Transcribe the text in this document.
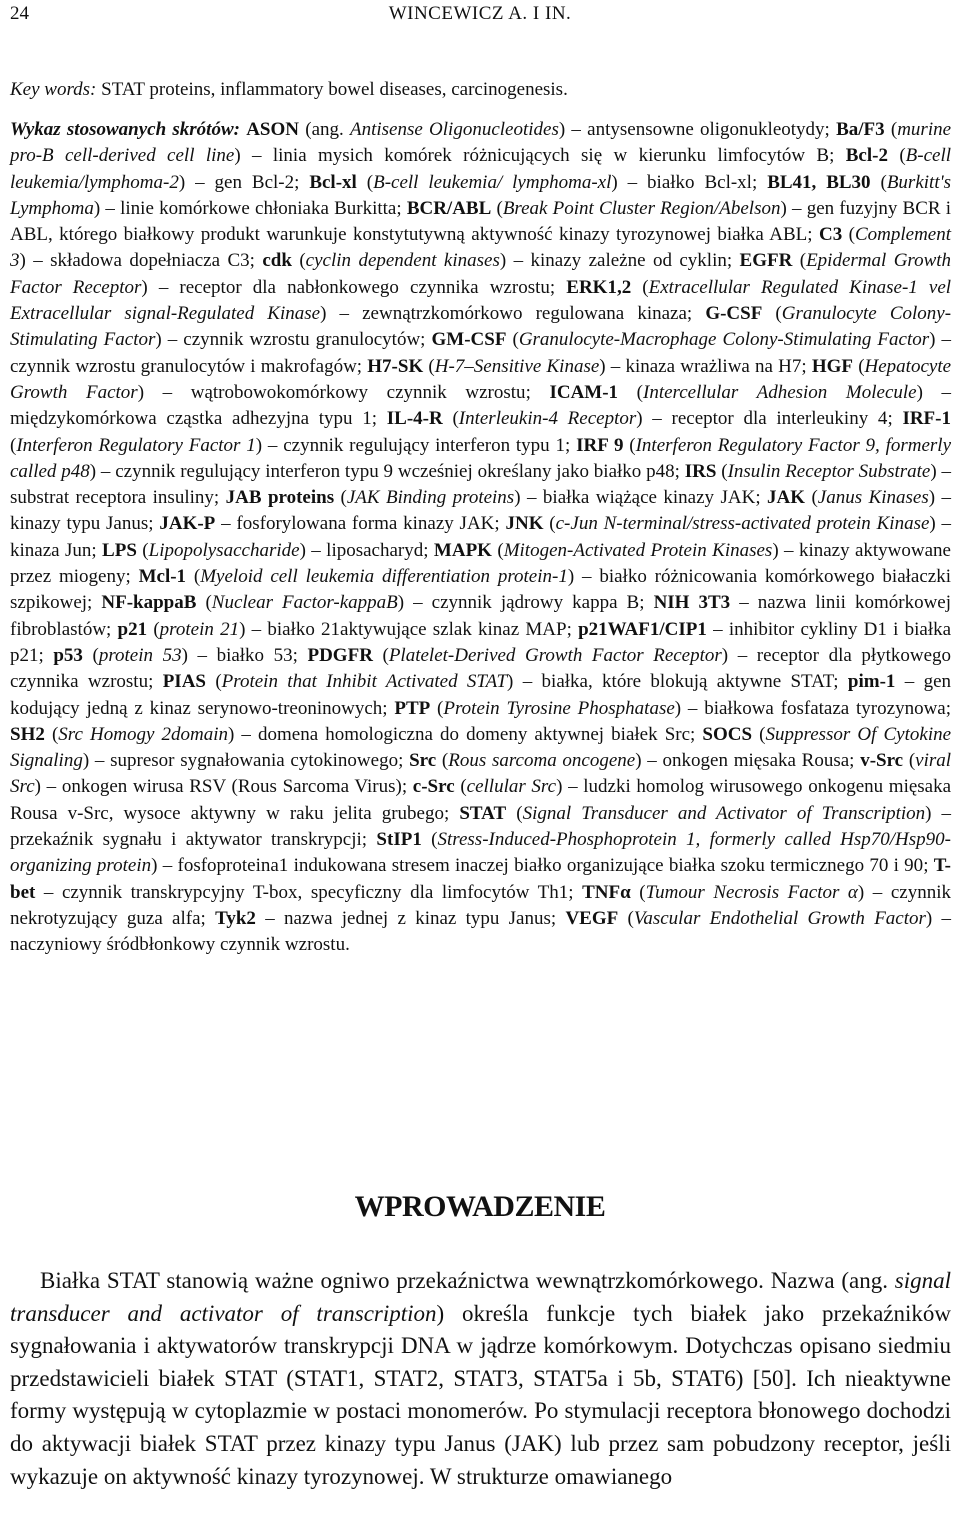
24	WINCEWICZ A. I IN.
Key words: STAT proteins, inflammatory bowel diseases, carcinogenesis.
Wykaz stosowanych skrótów: ASON (ang. Antisense Oligonucleotides) – antysensowne oligonukleotydy; Ba/F3 (murine pro-B cell-derived cell line) – linia mysich komórek różnicujących się w kierunku limfocytów B; Bcl-2 (B-cell leukemia/lymphoma-2) – gen Bcl-2; Bcl-xl (B-cell leukemia/ lymphoma-xl) – białko Bcl-xl; BL41, BL30 (Burkitt's Lymphoma) – linie komórkowe chłoniaka Burkitta; BCR/ABL (Break Point Cluster Region/Abelson) – gen fuzyjny BCR i ABL, którego białkowy produkt warunkuje konstytutywną aktywność kinazy tyrozynowej białka ABL; C3 (Complement 3) – składowa dopełniacza C3; cdk (cyclin dependent kinases) – kinazy zależne od cyklin; EGFR (Epidermal Growth Factor Receptor) – receptor dla nabłonkowego czynnika wzrostu; ERK1,2 (Extracellular Regulated Kinase-1 vel Extracellular signal-Regulated Kinase) – zewnątrzkomórkowo regulowana kinaza; G-CSF (Granulocyte Colony-Stimulating Factor) – czynnik wzrostu granulocytów; GM-CSF (Granulocyte-Macrophage Colony-Stimulating Factor) – czynnik wzrostu granulocytów i makrofagów; H7-SK (H-7–Sensitive Kinase) – kinaza wrażliwa na H7; HGF (Hepatocyte Growth Factor) – wątrobowokomórkowy czynnik wzrostu; ICAM-1 (Intercellular Adhesion Molecule) – międzykomórkowa cząstka adhezyjna typu 1; IL-4-R (Interleukin-4 Receptor) – receptor dla interleukiny 4; IRF-1 (Interferon Regulatory Factor 1) – czynnik regulujący interferon typu 1; IRF 9 (Interferon Regulatory Factor 9, formerly called p48) – czynnik regulujący interferon typu 9 wcześniej określany jako białko p48; IRS (Insulin Receptor Substrate) – substrat receptora insuliny; JAB proteins (JAK Binding proteins) – białka wiążące kinazy JAK; JAK (Janus Kinases) – kinazy typu Janus; JAK-P – fosforylowana forma kinazy JAK; JNK (c-Jun N-terminal/stress-activated protein Kinase) – kinaza Jun; LPS (Lipopolysaccharide) – liposacharyd; MAPK (Mitogen-Activated Protein Kinases) – kinazy aktywowane przez miogeny; Mcl-1 (Myeloid cell leukemia differentiation protein-1) – białko różnicowania komórkowego białaczki szpikowej; NF-kappaB (Nuclear Factor-kappaB) – czynnik jądrowy kappa B; NIH 3T3 – nazwa linii komórkowej fibroblastów; p21 (protein 21) – białko 21aktywujące szlak kinaz MAP; p21WAF1/CIP1 – inhibitor cykliny D1 i białka p21; p53 (protein 53) – białko 53; PDGFR (Platelet-Derived Growth Factor Receptor) – receptor dla płytkowego czynnika wzrostu; PIAS (Protein that Inhibit Activated STAT) – białka, które blokują aktywne STAT; pim-1 – gen kodujący jedną z kinaz serynowo-treoninowych; PTP (Protein Tyrosine Phosphatase) – białkowa fosfataza tyrozynowa; SH2 (Src Homogy 2domain) – domena homologiczna do domeny aktywnej białek Src; SOCS (Suppressor Of Cytokine Signaling) – supresor sygnałowania cytokinowego; Src (Rous sarcoma oncogene) – onkogen mięsaka Rousa; v-Src (viral Src) – onkogen wirusa RSV (Rous Sarcoma Virus); c-Src (cellular Src) – ludzki homolog wirusowego onkogenu mięsaka Rousa v-Src, wysoce aktywny w raku jelita grubego; STAT (Signal Transducer and Activator of Transcription) – przekaźnik sygnału i aktywator transkrypcji; StIP1 (Stress-Induced-Phosphoprotein 1, formerly called Hsp70/Hsp90-organizing protein) – fosfoproteina1 indukowana stresem inaczej białko organizujące białka szoku termicznego 70 i 90; T-bet – czynnik transkrypcyjny T-box, specyficzny dla limfocytów Th1; TNFα (Tumour Necrosis Factor α) – czynnik nekrotyzujący guza alfa; Tyk2 – nazwa jednej z kinaz typu Janus; VEGF (Vascular Endothelial Growth Factor) – naczyniowy śródbłonkowy czynnik wzrostu.
WPROWADZENIE
Białka STAT stanowią ważne ogniwo przekaźnictwa wewnątrzkomórkowego. Nazwa (ang. signal transducer and activator of transcription) określa funkcje tych białek jako przekaźników sygnałowania i aktywatorów transkrypcji DNA w jądrze komórkowym. Dotychczas opisano siedmiu przedstawicieli białek STAT (STAT1, STAT2, STAT3, STAT5a i 5b, STAT6) [50]. Ich nieaktywne formy występują w cytoplazmie w postaci monomerów. Po stymulacji receptora błonowego dochodzi do aktywacji białek STAT przez kinazy typu Janus (JAK) lub przez sam pobudzony receptor, jeśli wykazuje on aktywność kinazy tyrozynowej. W strukturze omawianego
